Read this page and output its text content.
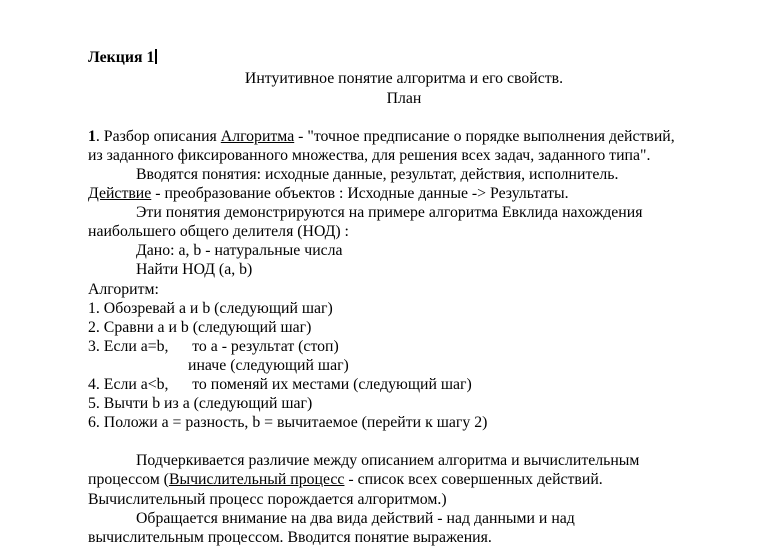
Лекция 1
Интуитивное понятие алгоритма и его свойств.
План
1. Разбор описания Алгоритма - "точное предписание о порядке выполнения действий,
из заданного фиксированного множества, для решения всех задач, заданного типа".
Вводятся понятия: исходные данные, результат, действия, исполнитель.
Действие - преобразование объектов : Исходные данные -> Результаты.
Эти понятия демонстрируются на примере алгоритма Евклида нахождения
наибольшего общего делителя (НОД) :
Дано: a, b - натуральные числа
Найти НОД (a, b)
Алгоритм:
1. Обозревай a и b (следующий шаг)
2. Сравни a и b (следующий шаг)
3. Если a=b,      то a - результат (стоп)
иначе (следующий шаг)
4. Если a<b,      то поменяй их местами (следующий шаг)
5. Вычти b из a (следующий шаг)
6. Положи a = разность, b = вычитаемое (перейти к шагу 2)
Подчеркивается различие между описанием алгоритма и вычислительным
процессом (Вычислительный процесс - список всех совершенных действий.
Вычислительный процесс порождается алгоритмом.)
Обращается внимание на два вида действий - над данными и над
вычислительным процессом. Вводится понятие выражения.
